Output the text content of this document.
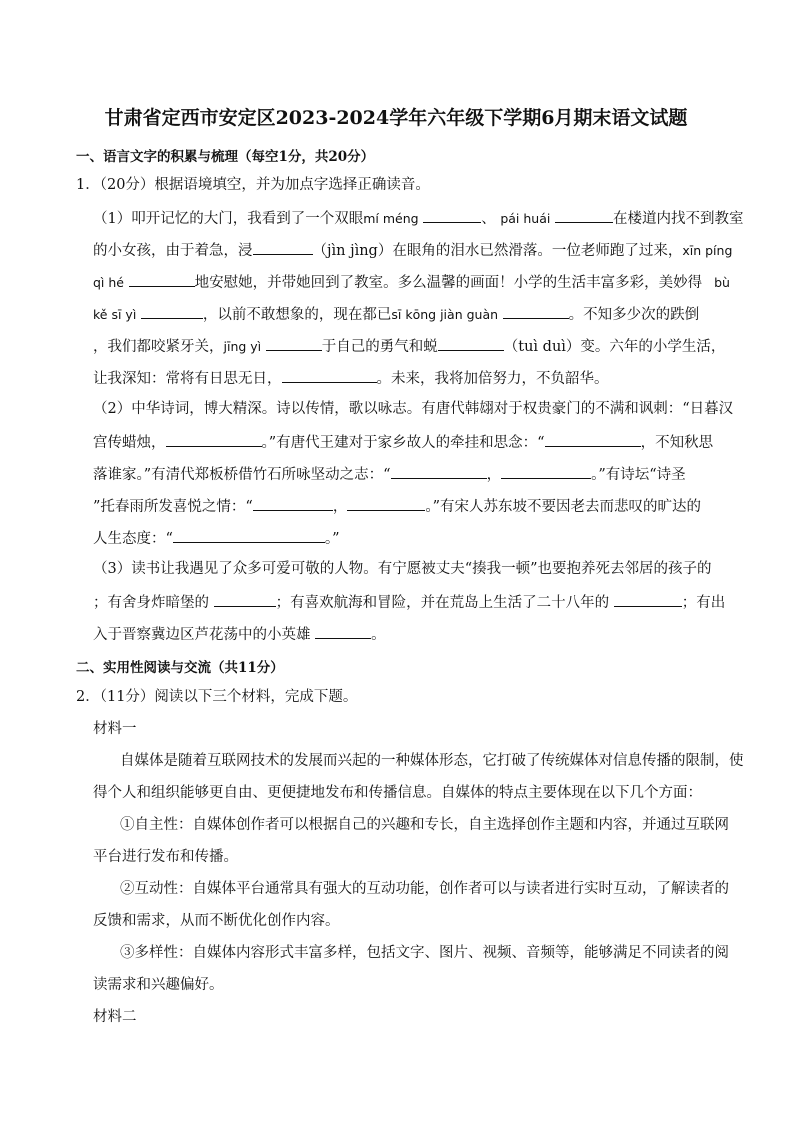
甘肃省定西市安定区2023-2024学年六年级下学期6月期末语文试题
一、语言文字的积累与梳理（每空1分，共20分）
1．（20分）根据语境填空，并为加点字选择正确读音。
（1）叩开记忆的大门，我看到了一个双眼mí méng	、 pái huái	在楼道内找不到教室
的小女孩，由于着急，浸	（jìn jìng）在眼角的泪水已然滑落。一位老师跑了过来，xīn píng
qì hé	地安慰她，并带她回到了教室。多么温馨的画面！小学的生活丰富多彩，美妙得 bù
kě sī yì	，以前不敢想象的，现在都已sī kōng jiàn guàn	。不知多少次的跌倒
，我们都咬紧牙关，jīng yì	于自己的勇气和蜕	（tuì duì）变。六年的小学生活，
让我深知：常将有日思无日，	。未来，我将加倍努力，不负韶华。
（2）中华诗词，博大精深。诗以传情，歌以咏志。有唐代韩翃对于权贵豪门的不满和讽刺：“日暮汉
宫传蜡烛，	。”有唐代王建对于家乡故人的牵挂和思念：“	，不知秋思
落谁家。”有清代郑板桥借竹石所咏坚动之志：“	，	。”有诗坛“诗圣
”托春雨所发喜悦之情：“	，	。”有宋人苏东坡不要因老去而悲叹的旷达的
人生态度：“	。”
（3）读书让我遇见了众多可爱可敬的人物。有宁愿被丈夫“揍我一顿”也要抱养死去邻居的孩子的
；有舍身炸暗堡的	；有喜欢航海和冒险，并在荒岛上生活了二十八年的	；有出
入于晋察冀边区芦花荡中的小英雄	。
二、实用性阅读与交流（共11分）
2．（11分）阅读以下三个材料，完成下题。
材料一
自媒体是随着互联网技术的发展而兴起的一种媒体形态，它打破了传统媒体对信息传播的限制，使
得个人和组织能够更自由、更便捷地发布和传播信息。自媒体的特点主要体现在以下几个方面：
①自主性：自媒体创作者可以根据自己的兴趣和专长，自主选择创作主题和内容，并通过互联网
平台进行发布和传播。
②互动性：自媒体平台通常具有强大的互动功能，创作者可以与读者进行实时互动，了解读者的
反馈和需求，从而不断优化创作内容。
③多样性：自媒体内容形式丰富多样，包括文字、图片、视频、音频等，能够满足不同读者的阅
读需求和兴趣偏好。
材料二
